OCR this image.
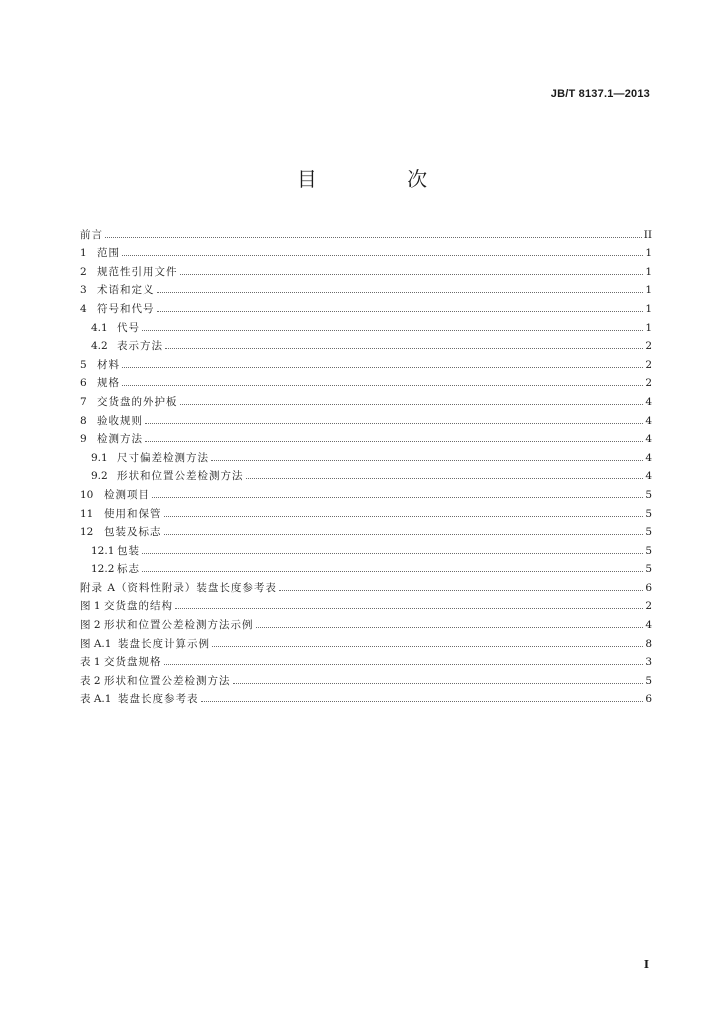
JB/T 8137.1—2013
目 次
前言	II
1 范围	1
2 规范性引用文件	1
3 术语和定义	1
4 符号和代号	1
4.1 代号	1
4.2 表示方法	2
5 材料	2
6 规格	2
7 交货盘的外护板	4
8 验收规则	4
9 检测方法	4
9.1 尺寸偏差检测方法	4
9.2 形状和位置公差检测方法	4
10 检测项目	5
11 使用和保管	5
12 包装及标志	5
12.1 包装	5
12.2 标志	5
附录 A（资料性附录）装盘长度参考表	6
图 1 交货盘的结构	2
图 2 形状和位置公差检测方法示例	4
图 A.1 装盘长度计算示例	8
表 1 交货盘规格	3
表 2 形状和位置公差检测方法	5
表 A.1 装盘长度参考表	6
I
